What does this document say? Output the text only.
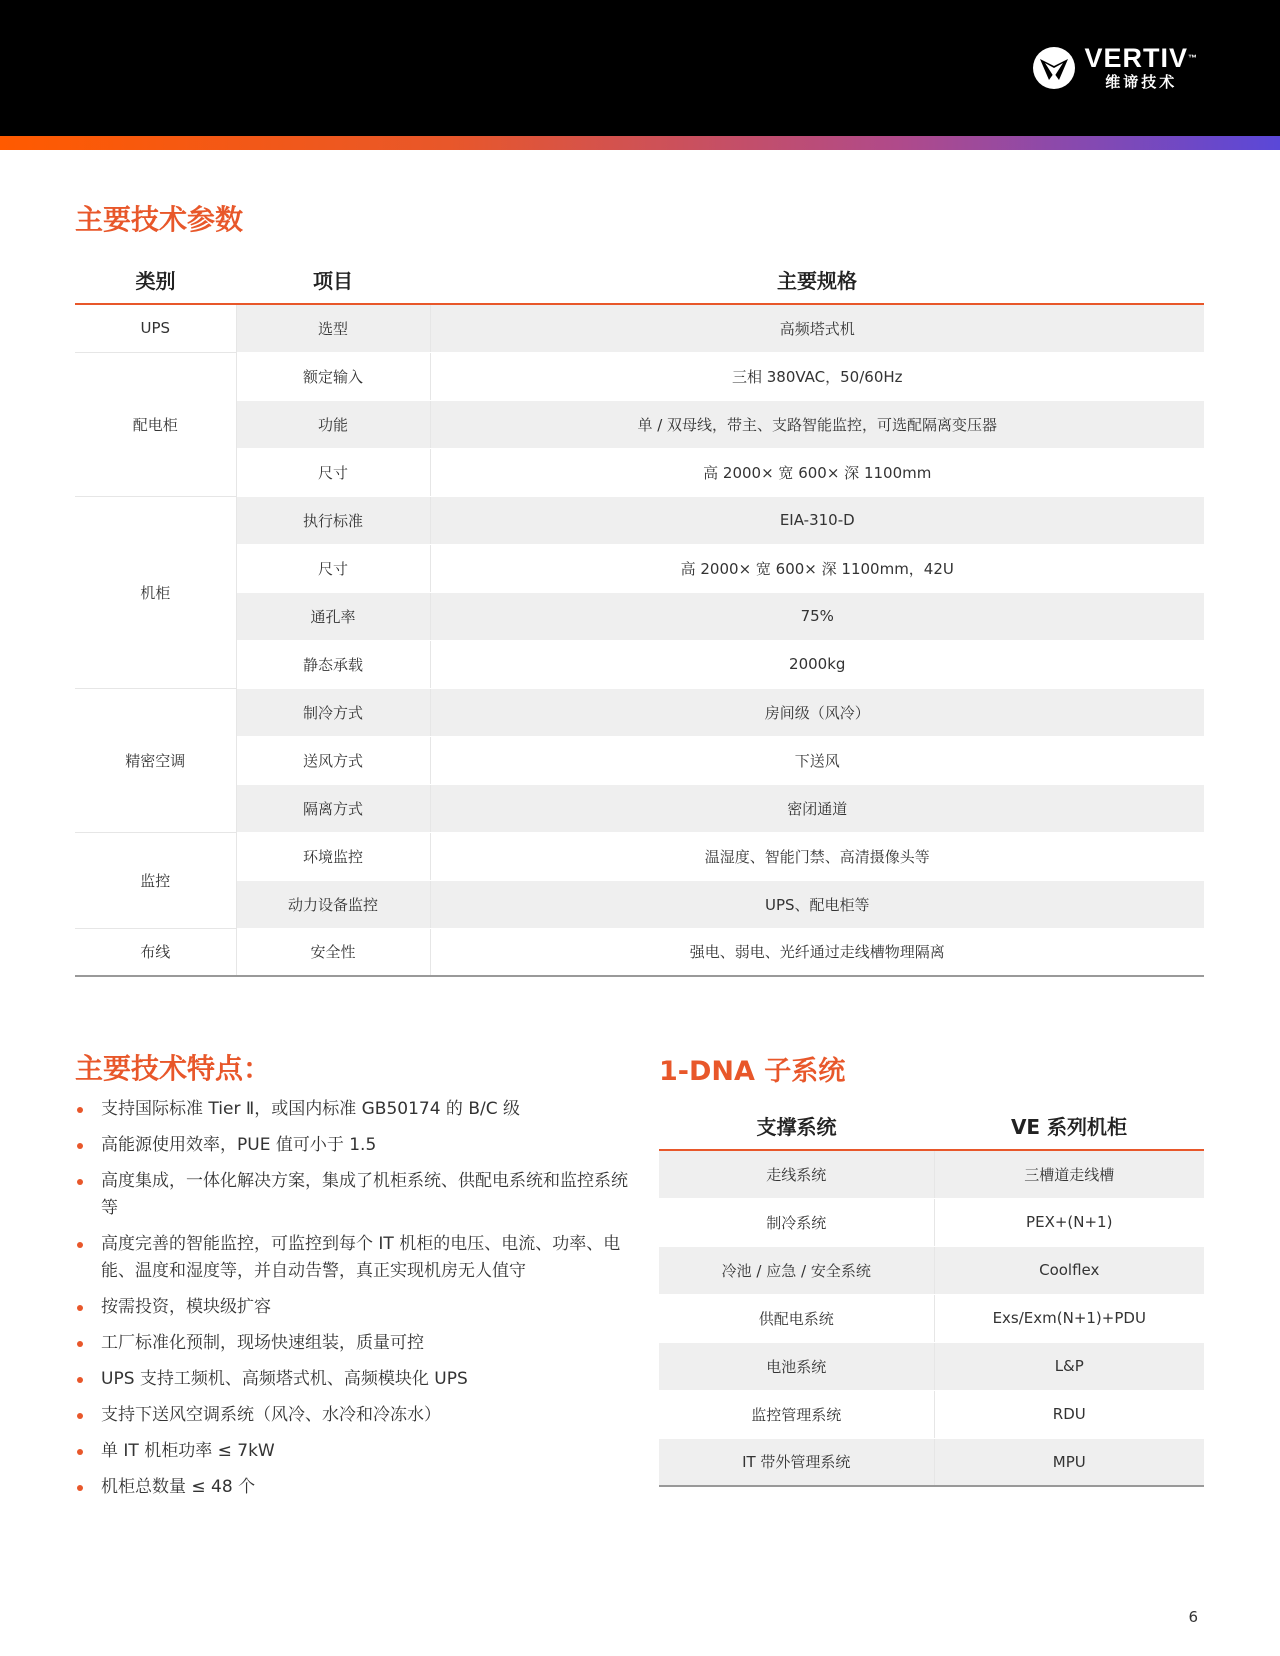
VERTIV™
维谛技术
主要技术参数
类别	项目	主要规格
UPS	选型	高频塔式机
配电柜	额定输入	三相 380VAC，50/60Hz
	功能	单 / 双母线，带主、支路智能监控，可选配隔离变压器
	尺寸	高 2000× 宽 600× 深 1100mm
机柜	执行标准	EIA-310-D
	尺寸	高 2000× 宽 600× 深 1100mm，42U
	通孔率	75%
	静态承载	2000kg
精密空调	制冷方式	房间级（风冷）
	送风方式	下送风
	隔离方式	密闭通道
监控	环境监控	温湿度、智能门禁、高清摄像头等
	动力设备监控	UPS、配电柜等
布线	安全性	强电、弱电、光纤通过走线槽物理隔离
主要技术特点：
支持国际标准 Tier Ⅱ，或国内标准 GB50174 的 B/C 级
高能源使用效率，PUE 值可小于 1.5
高度集成，一体化解决方案，集成了机柜系统、供配电系统和监控系统等
高度完善的智能监控，可监控到每个 IT 机柜的电压、电流、功率、电能、温度和湿度等，并自动告警，真正实现机房无人值守
按需投资，模块级扩容
工厂标准化预制，现场快速组装，质量可控
UPS 支持工频机、高频塔式机、高频模块化 UPS
支持下送风空调系统（风冷、水冷和冷冻水）
单 IT 机柜功率 ≤ 7kW
机柜总数量 ≤ 48 个
1-DNA 子系统
支撑系统	VE 系列机柜
走线系统	三槽道走线槽
制冷系统	PEX+(N+1)
冷池 / 应急 / 安全系统	Coolflex
供配电系统	Exs/Exm(N+1)+PDU
电池系统	L&P
监控管理系统	RDU
IT 带外管理系统	MPU
6
